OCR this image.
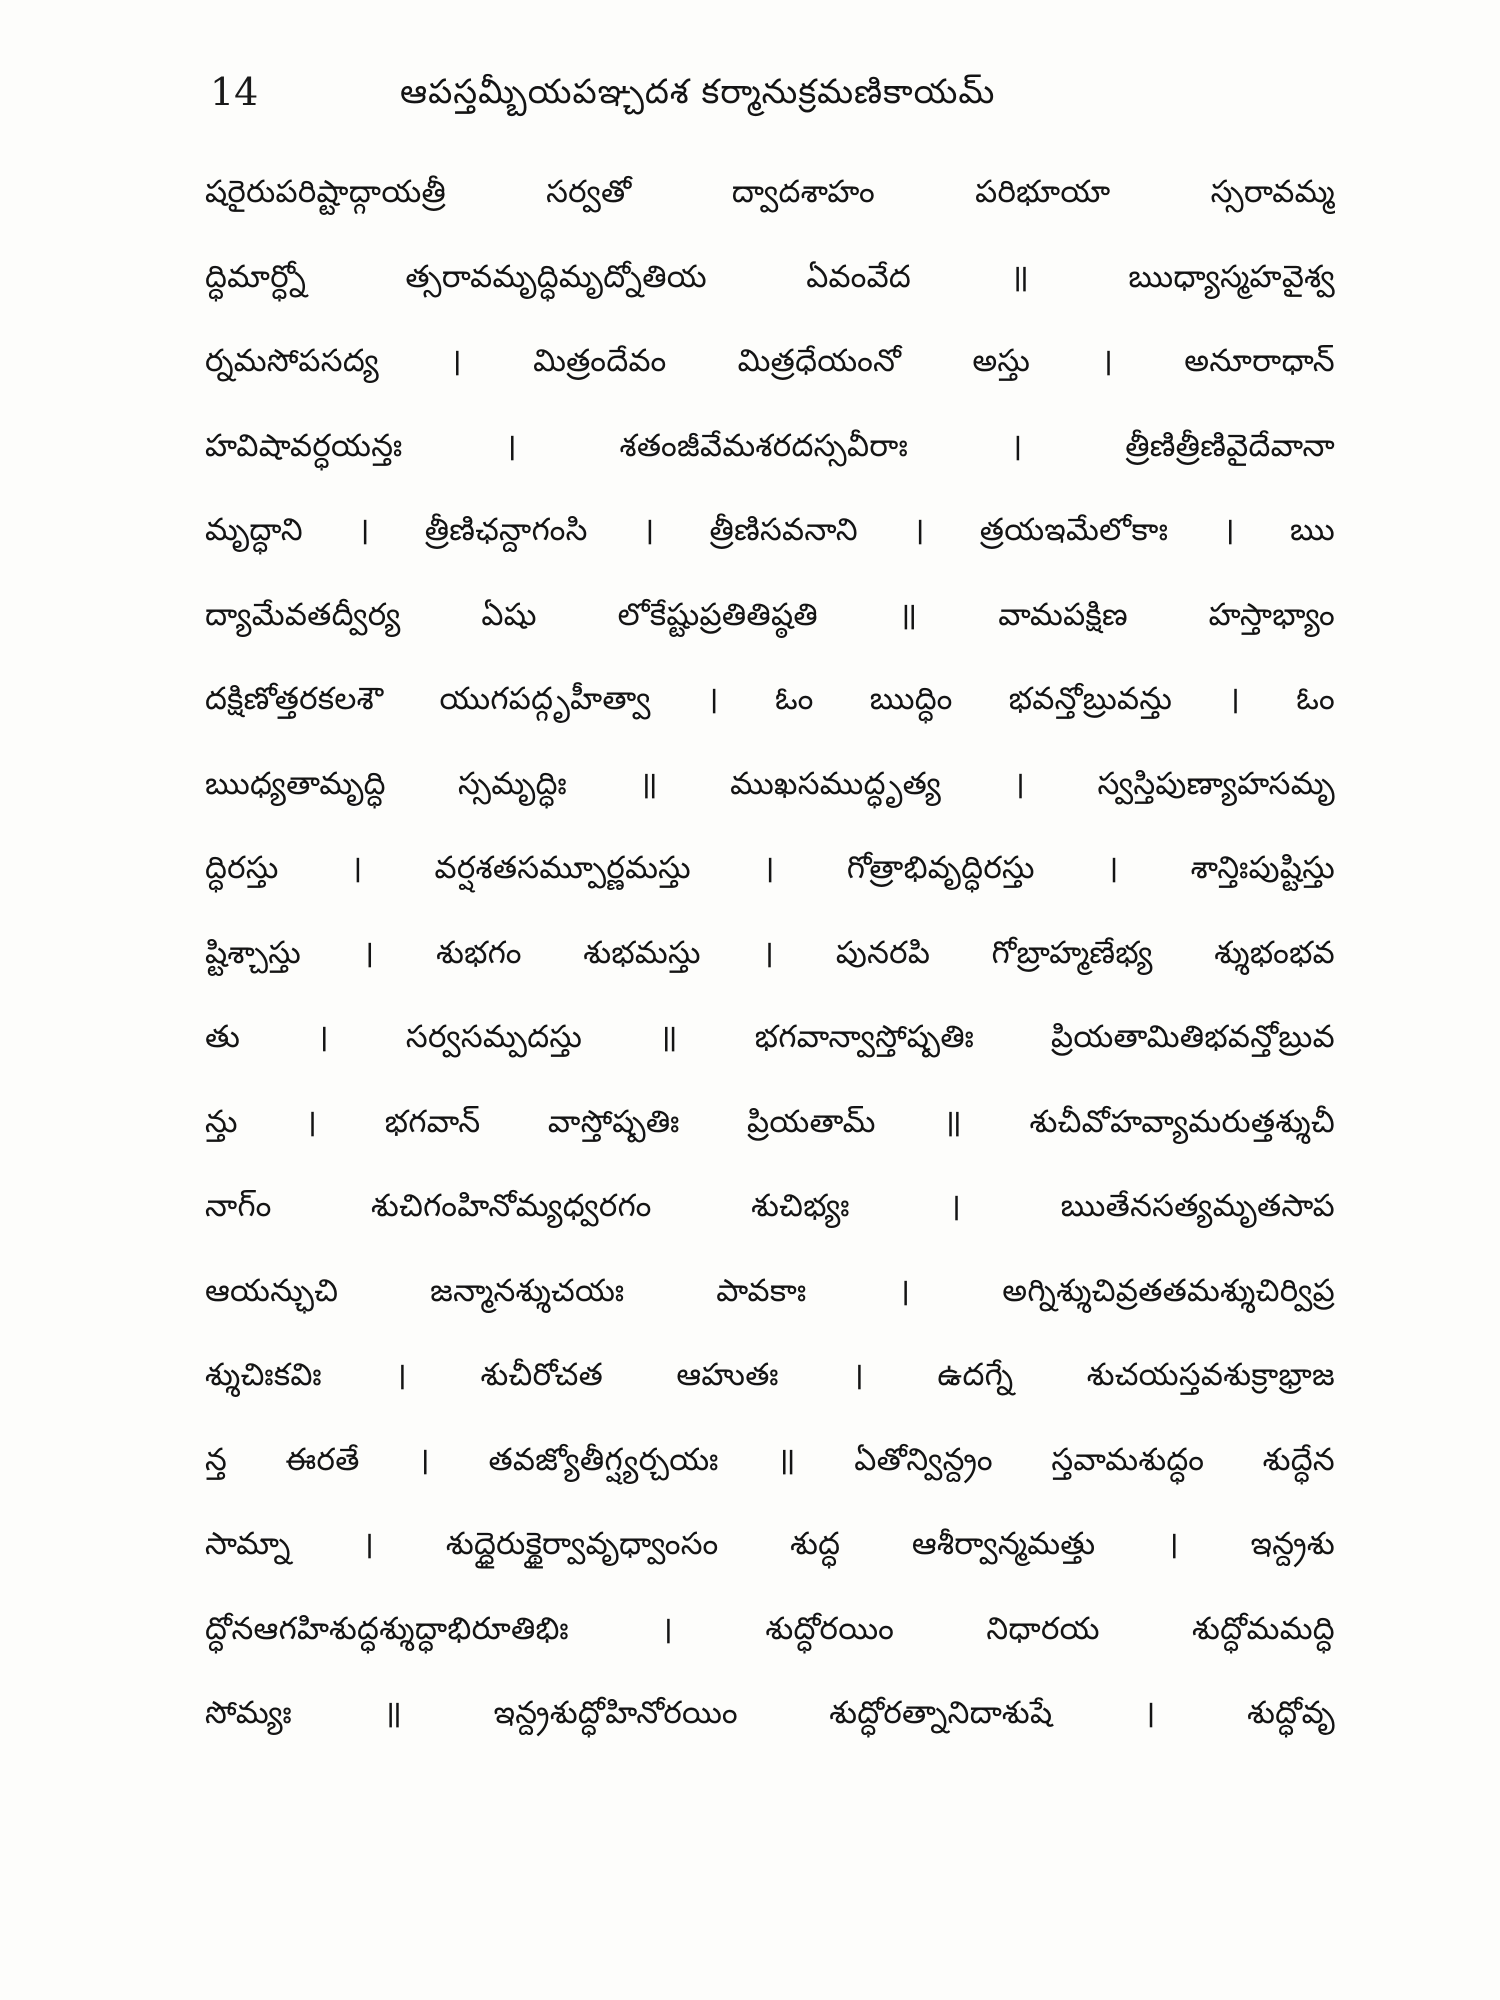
14	ఆపస్తమ్బీయపఞ్చదశ కర్మానుక్రమణికాయమ్
షరైరుపరిష్టాద్గాయత్రీ సర్వతో ద్వాదశాహం పరిభూయా స్సరావమ్మ
ద్ధిమార్ధ్నో త్సరావమృద్ధిమృద్నోతియ ఏవంవేద ॥ ఋధ్యాస్మహవైశ్వ
ర్నమసోపసద్య । మిత్రందేవం మిత్రధేయంనో అస్తు । అనూరాధాన్
హవిషావర్ధయన్తః । శతంజీవేమశరదస్సవీరాః । త్రీణిత్రీణివైదేవానా
మృద్ధాని । త్రీణిఛన్దాగంసి । త్రీణిసవనాని । త్రయఇమేలోకాః । ఋ
ద్యామేవతద్వీర్య ఏషు లోకేష్టుప్రతితిష్ఠతి ॥ వామపక్షిణ హస్తాభ్యాం
దక్షిణోత్తరకలశౌ యుగపద్గృహీత్వా । ఓం ఋద్ధిం భవన్తోబ్రువన్తు । ఓం
ఋధ్యతామృద్ధి స్సమృద్ధిః ॥ ముఖసముద్ధృత్య । స్వస్తిపుణ్యాహసమృ
ద్ధిరస్తు । వర్షశతసమ్పూర్ణమస్తు । గోత్రాభివృద్ధిరస్తు । శాన్తిఃపుష్టిస్తు
ష్టిశ్చాస్తు । శుభగం శుభమస్తు । పునరపి గోబ్రాహ్మణేభ్య శ్శుభంభవ
తు । సర్వసమ్పదస్తు ॥ భగవాన్వాస్తోష్పతిః ప్రియతామితిభవన్తోబ్రువ
న్తు । భగవాన్ వాస్తోష్పతిః ప్రియతామ్ ॥ శుచీవోహవ్యామరుత్తశ్శుచీ
నాగ్ం శుచిగంహినోమ్యధ్వరగం శుచిభ్యః । ఋతేనసత్యమృతసాప
ఆయన్ఛుచి జన్మానశ్శుచయః పావకాః । అగ్నిశ్శుచివ్రతతమశ్శుచిర్విప్ర
శ్శుచిఃకవిః । శుచీరోచత ఆహుతః । ఉదగ్నే శుచయస్తవశుక్రాభ్రాజ
న్త ఈరతే । తవజ్యోతీగ్ష్యర్చయః ॥ ఏతోన్విన్ద్రం స్తవామశుద్ధం శుద్ధేన
సామ్నా । శుద్ధైరుక్థైర్వావృధ్వాంసం శుద్ధ ఆశీర్వాన్మమత్తు । ఇన్ద్రశు
ద్ధోనఆగహిశుద్ధశ్శుద్ధాభిరూతిభిః । శుద్ధోరయిం నిధారయ శుద్ధోమమద్ధి
సోమ్యః ॥ ఇన్ద్రశుద్ధోహినోరయిం శుద్ధోరత్నానిదాశుషే । శుద్ధోవృ
